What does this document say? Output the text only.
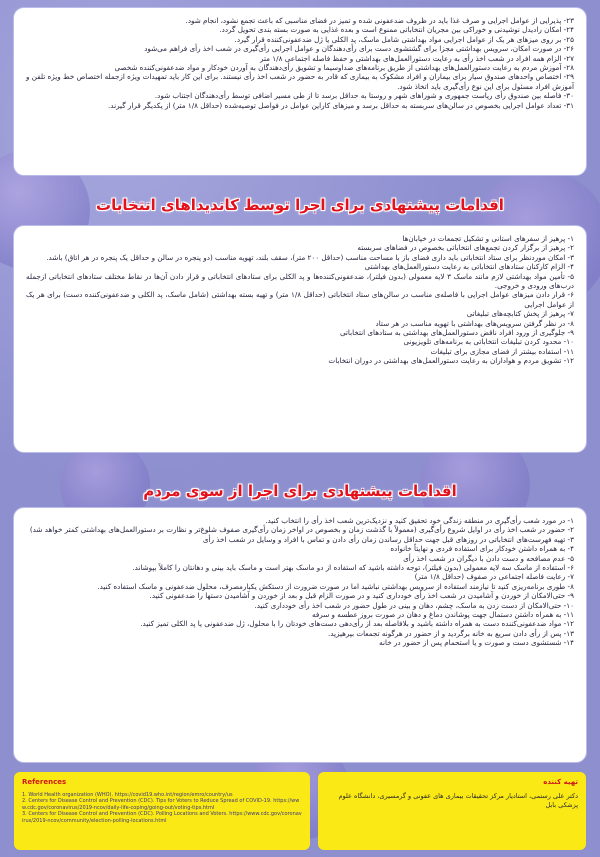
۲۳- پذیرایی از عوامل اجرایی و صرف غذا باید در ظروف ضدعفونی شده و تمیز در فضای مناسبی که باعث تجمع نشود، انجام شود.
۲۴- امکان رادیدل نوشیدنی و خوراکی بین مجریان انتخاباتی ممنوع است و بعده غذایی به صورت بسته بندی تحویل گردد.
۲۵- بر روی میزهای هر یک از عوامل اجرایی مواد بهداشتی شامل ماسک، پد الکلی یا ژل ضدعفونی‌کننده قرار گیرد.
۲۶- در صورت امکان، سرویس بهداشتی مجزا برای گشتشوی دست برای رأی‌دهندگان و عوامل اجرایی رأی‌گیری در شعب اخذ رأی فراهم می‌شود
۲۷- الزام همه افراد در شعب اخذ رأی به رعایت دستورالعمل‌های بهداشتی و حفظ فاصله اجتماعی ۱/۸ متر
۲۸- آموزش مردم به رعایت دستورالعمل‌های بهداشتی از طریق برنامه‌های صداوسیما و تشویق رأی‌دهندگان به آوردن خودکار و مواد ضدعفونی‌کننده شخصی
۲۹- اختصاص واحدهای صندوق سیار برای بیماران و افراد مشکوک به بیماری که قادر به حضور در شعب اخذ رأی نیستند. برای این کار باید تمهیدات ویژه ازجمله اختصاص خط ویژه تلفن و آموزش افراد مسئول برای این نوع رأی‌گیری باید اتخاذ شود.
۳۰- فاصله بین صندوق رأی ریاست جمهوری و شوراهای شهر و روستا به حداقل برسد تا از طی مسیر اضافی توسط رأی‌دهندگان اجتناب شود.
۳۱- تعداد عوامل اجرایی بخصوص در سالن‌های سربسته به حداقل برسد و میزهای کاراین عوامل در فواصل توصیه‌شده (حداقل ۱/۸ متر) از یکدیگر قرار گیرند.
اقدامات پیشنهادی برای اجرا توسط کاندیداهای انتخابات
۱- پرهیز از سفرهای استانی و تشکیل تجمعات در خیابان‌ها
۲- پرهیز از برگزار کردن تجمع‌های انتخاباتی بخصوص در فضاهای سربسته
۳- امکان موردنظر برای ستاد انتخاباتی باید داری فضای باز با مساحت مناسب (حداقل ۲۰۰ متر)، سقف بلند، تهویه مناسب (دو پنجره در سالن و حداقل یک پنجره در هر اتاق) باشد.
۴- الزام کارکنان ستادهای انتخاباتی به رعایت دستورالعمل‌های بهداشتی
۵- تأمین مواد بهداشتی لازم مانند ماسک ۳ لایه معمولی (بدون فیلتر)، ضدعفونی‌کننده‌ها و پد الکلی برای ستادهای انتخاباتی و قرار دادن آن‌ها در نقاط مختلف ستادهای انتخاباتی ازجمله درب‌های ورودی و خروجی.
۶- قرار دادن میزهای عوامل اجرایی با فاصله‌ی مناسب در سالن‌های ستاد انتخاباتی (حداقل ۱/۸ متر) و تهیه بسته بهداشتی (شامل ماسک، پد الکلی و ضدعفونی‌کننده دست) برای هر یک از عوامل اجرایی
۷- پرهیز از پخش کتابچه‌های تبلیغاتی
۸- در نظر گرفتن سرویس‌های بهداشتی با تهویه مناسب در هر ستاد
۹- جلوگیری از ورود افراد ناقض دستورالعمل‌های بهداشتی به ستادهای انتخاباتی
۱۰- محدود کردن تبلیغات انتخاباتی به برنامه‌های تلویزیونی
۱۱- استفاده بیشتر از فضای مجازی برای تبلیغات
۱۲- تشویق مردم و هواداران به رعایت دستورالعمل‌های بهداشتی در دوران انتخابات
اقدامات پیشنهادی برای اجرا از سوی مردم
۱- در مورد شعب رأی‌گیری در منطقه زندگی خود تحقیق کنید و نزدیک‌ترین شعب اخذ رأی را انتخاب کنید.
۲- حضور در شعب اخذ رأی در اوایل شروع رأی‌گیری (معمولاً با گذشت زمان و بخصوص در اواخر زمان رأی‌گیری صفوف شلوغ‌تر و نظارت بر دستورالعمل‌های بهداشتی کمتر خواهد شد)
۳- تهیه فهرست‌های انتخاباتی در روزهای قبل جهت حداقل رساندن زمان رأی دادن و تماس با افراد و وسایل در شعب اخذ رأی
۴- به همراه داشتن خودکار برای استفاده فردی و نهایتاً خانواده
۵- عدم مصافحه و دست دادن با دیگران در شعب اخذ رأی
۶- استفاده از ماسک سه لایه معمولی (بدون فیلتر)، توجه داشته باشید که استفاده از دو ماسک بهتر است و ماسک باید بینی و دهانتان را کاملاً بپوشاند.
۷- رعایت فاصله اجتماعی در صفوف (حداقل ۱/۸ متر)
۸- طوری برنامه‌ریزی کنید تا نیازمند استفاده از سرویس بهداشتی نباشید اما در صورت ضرورت از دستکش یکبارمصرف، محلول ضدعفونی و ماسک استفاده کنید.
۹- حتی‌الامکان از خوردن و آشامیدن در شعب اخذ رأی خودداری کنید و در صورت الزام قبل و بعد از خوردن و آشامیدن دستها را ضدعفونی کنید.
۱۰- حتی‌الامکان از دست زدن به ماسک، چشم، دهان و بینی در طول حضور در شعب اخذ رأی خودداری کنید.
۱۱- به همراه داشتن دستمال جهت پوشاندن دماغ و دهان در صورت بروز عطسه و سرفه
۱۲- مواد ضدعفونی‌کننده دست به همراه داشته باشید و بلافاصله بعد از رأی‌دهی دست‌های خودتان را با محلول، ژل ضدعفونی یا پد الکلی تمیز کنید.
۱۳- پس از رأی دادن سریع به خانه برگردید و از حضور در هرگونه تجمعات بپرهیزید.
۱۴- شستشوی دست و صورت و یا استحمام پس از حضور در خانه
تهیه کننده
دکتر علی رستمی، استادیار مرکز تحقیقات بیماری های عفونی و گرمسیری، دانشگاه علوم پزشکی بابل
References
1. World Health organization (WHO). https://covid19.who.int/region/emro/country/us
2. Centers for Disease Control and Prevention (CDC). Tips for Voters to Reduce Spread of COVID-19. https://www.cdc.gov/coronavirus/2019-ncov/daily-life-coping/going-out/voting-tips.html
3. Centers for Disease Control and Prevention (CDC). Polling Locations and Voters. https://www.cdc.gov/coronavirus/2019-ncov/community/election-polling-locations.html
